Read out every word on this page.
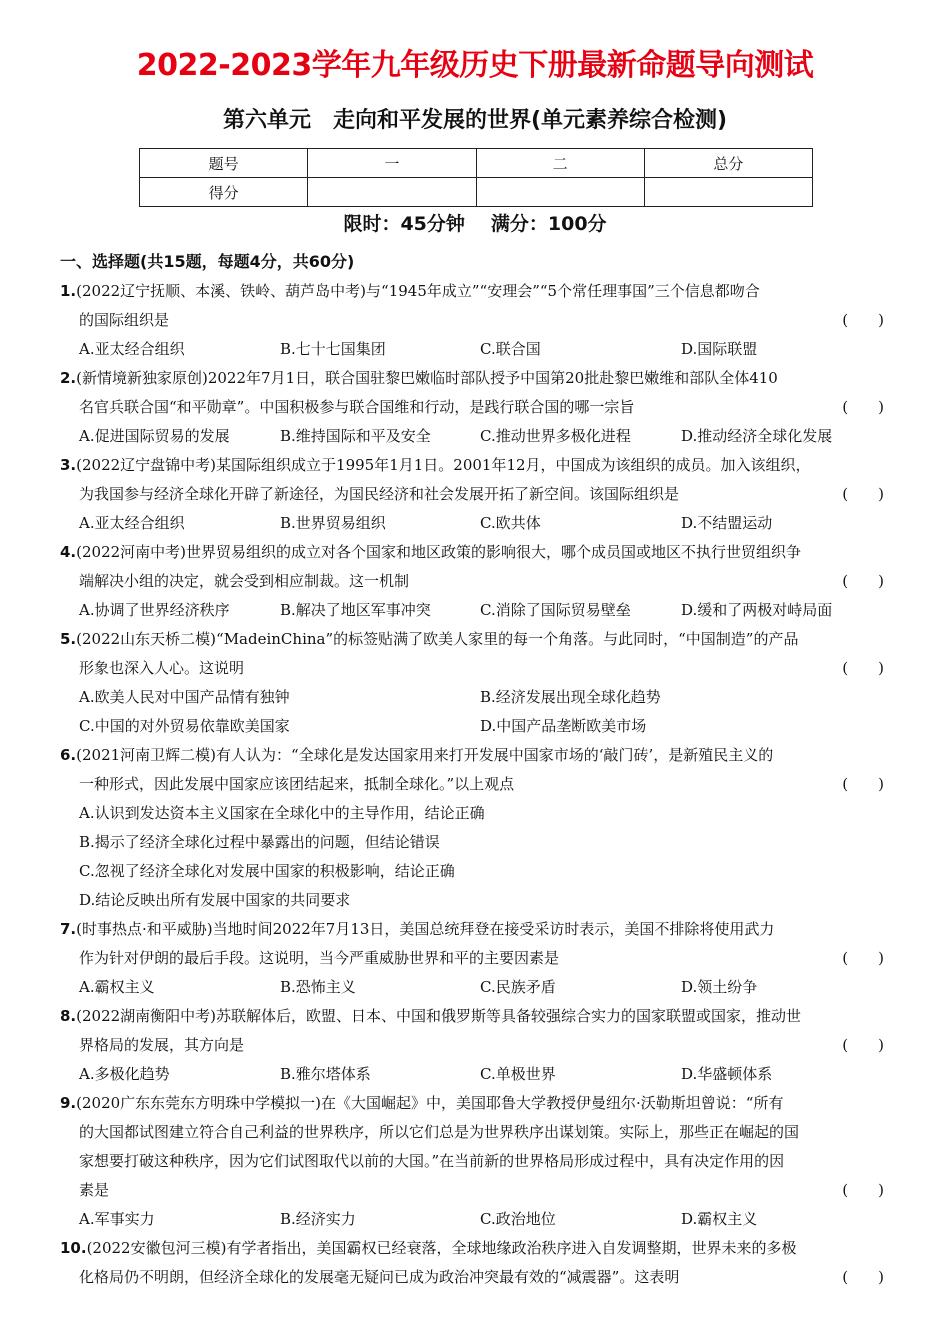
2022-2023学年九年级历史下册最新命题导向测试
第六单元　走向和平发展的世界(单元素养综合检测)
题号	一	二	总分
得分			
限时：45分钟 满分：100分
一、选择题(共15题，每题4分，共60分)
1.(2022辽宁抚顺、本溪、铁岭、葫芦岛中考)与“1945年成立”“安理会”“5个常任理事国”三个信息都吻合
的国际组织是	(　　)
A.亚太经合组织	B.七十七国集团	C.联合国	D.国际联盟
2.(新情境新独家原创)2022年7月1日，联合国驻黎巴嫩临时部队授予中国第20批赴黎巴嫩维和部队全体410
名官兵联合国“和平勋章”。中国积极参与联合国维和行动，是践行联合国的哪一宗旨	(　　)
A.促进国际贸易的发展	B.维持国际和平及安全	C.推动世界多极化进程	D.推动经济全球化发展
3.(2022辽宁盘锦中考)某国际组织成立于1995年1月1日。2001年12月，中国成为该组织的成员。加入该组织，
为我国参与经济全球化开辟了新途径，为国民经济和社会发展开拓了新空间。该国际组织是	(　　)
A.亚太经合组织	B.世界贸易组织	C.欧共体	D.不结盟运动
4.(2022河南中考)世界贸易组织的成立对各个国家和地区政策的影响很大，哪个成员国或地区不执行世贸组织争
端解决小组的决定，就会受到相应制裁。这一机制	(　　)
A.协调了世界经济秩序	B.解决了地区军事冲突	C.消除了国际贸易壁垒	D.缓和了两极对峙局面
5.(2022山东天桥二模)“MadeinChina”的标签贴满了欧美人家里的每一个角落。与此同时，“中国制造”的产品
形象也深入人心。这说明	(　　)
A.欧美人民对中国产品情有独钟	B.经济发展出现全球化趋势
C.中国的对外贸易依靠欧美国家	D.中国产品垄断欧美市场
6.(2021河南卫辉二模)有人认为：“全球化是发达国家用来打开发展中国家市场的‘敲门砖’，是新殖民主义的
一种形式，因此发展中国家应该团结起来，抵制全球化。”以上观点	(　　)
A.认识到发达资本主义国家在全球化中的主导作用，结论正确
B.揭示了经济全球化过程中暴露出的问题，但结论错误
C.忽视了经济全球化对发展中国家的积极影响，结论正确
D.结论反映出所有发展中国家的共同要求
7.(时事热点·和平威胁)当地时间2022年7月13日，美国总统拜登在接受采访时表示，美国不排除将使用武力
作为针对伊朗的最后手段。这说明，当今严重威胁世界和平的主要因素是	(　　)
A.霸权主义	B.恐怖主义	C.民族矛盾	D.领土纷争
8.(2022湖南衡阳中考)苏联解体后，欧盟、日本、中国和俄罗斯等具备较强综合实力的国家联盟或国家，推动世
界格局的发展，其方向是	(　　)
A.多极化趋势	B.雅尔塔体系	C.单极世界	D.华盛顿体系
9.(2020广东东莞东方明珠中学模拟一)在《大国崛起》中，美国耶鲁大学教授伊曼纽尔·沃勒斯坦曾说：“所有
的大国都试图建立符合自己利益的世界秩序，所以它们总是为世界秩序出谋划策。实际上，那些正在崛起的国
家想要打破这种秩序，因为它们试图取代以前的大国。”在当前新的世界格局形成过程中，具有决定作用的因
素是	(　　)
A.军事实力	B.经济实力	C.政治地位	D.霸权主义
10.(2022安徽包河三模)有学者指出，美国霸权已经衰落，全球地缘政治秩序进入自发调整期，世界未来的多极
化格局仍不明朗，但经济全球化的发展毫无疑问已成为政治冲突最有效的“减震器”。这表明	(　　)
